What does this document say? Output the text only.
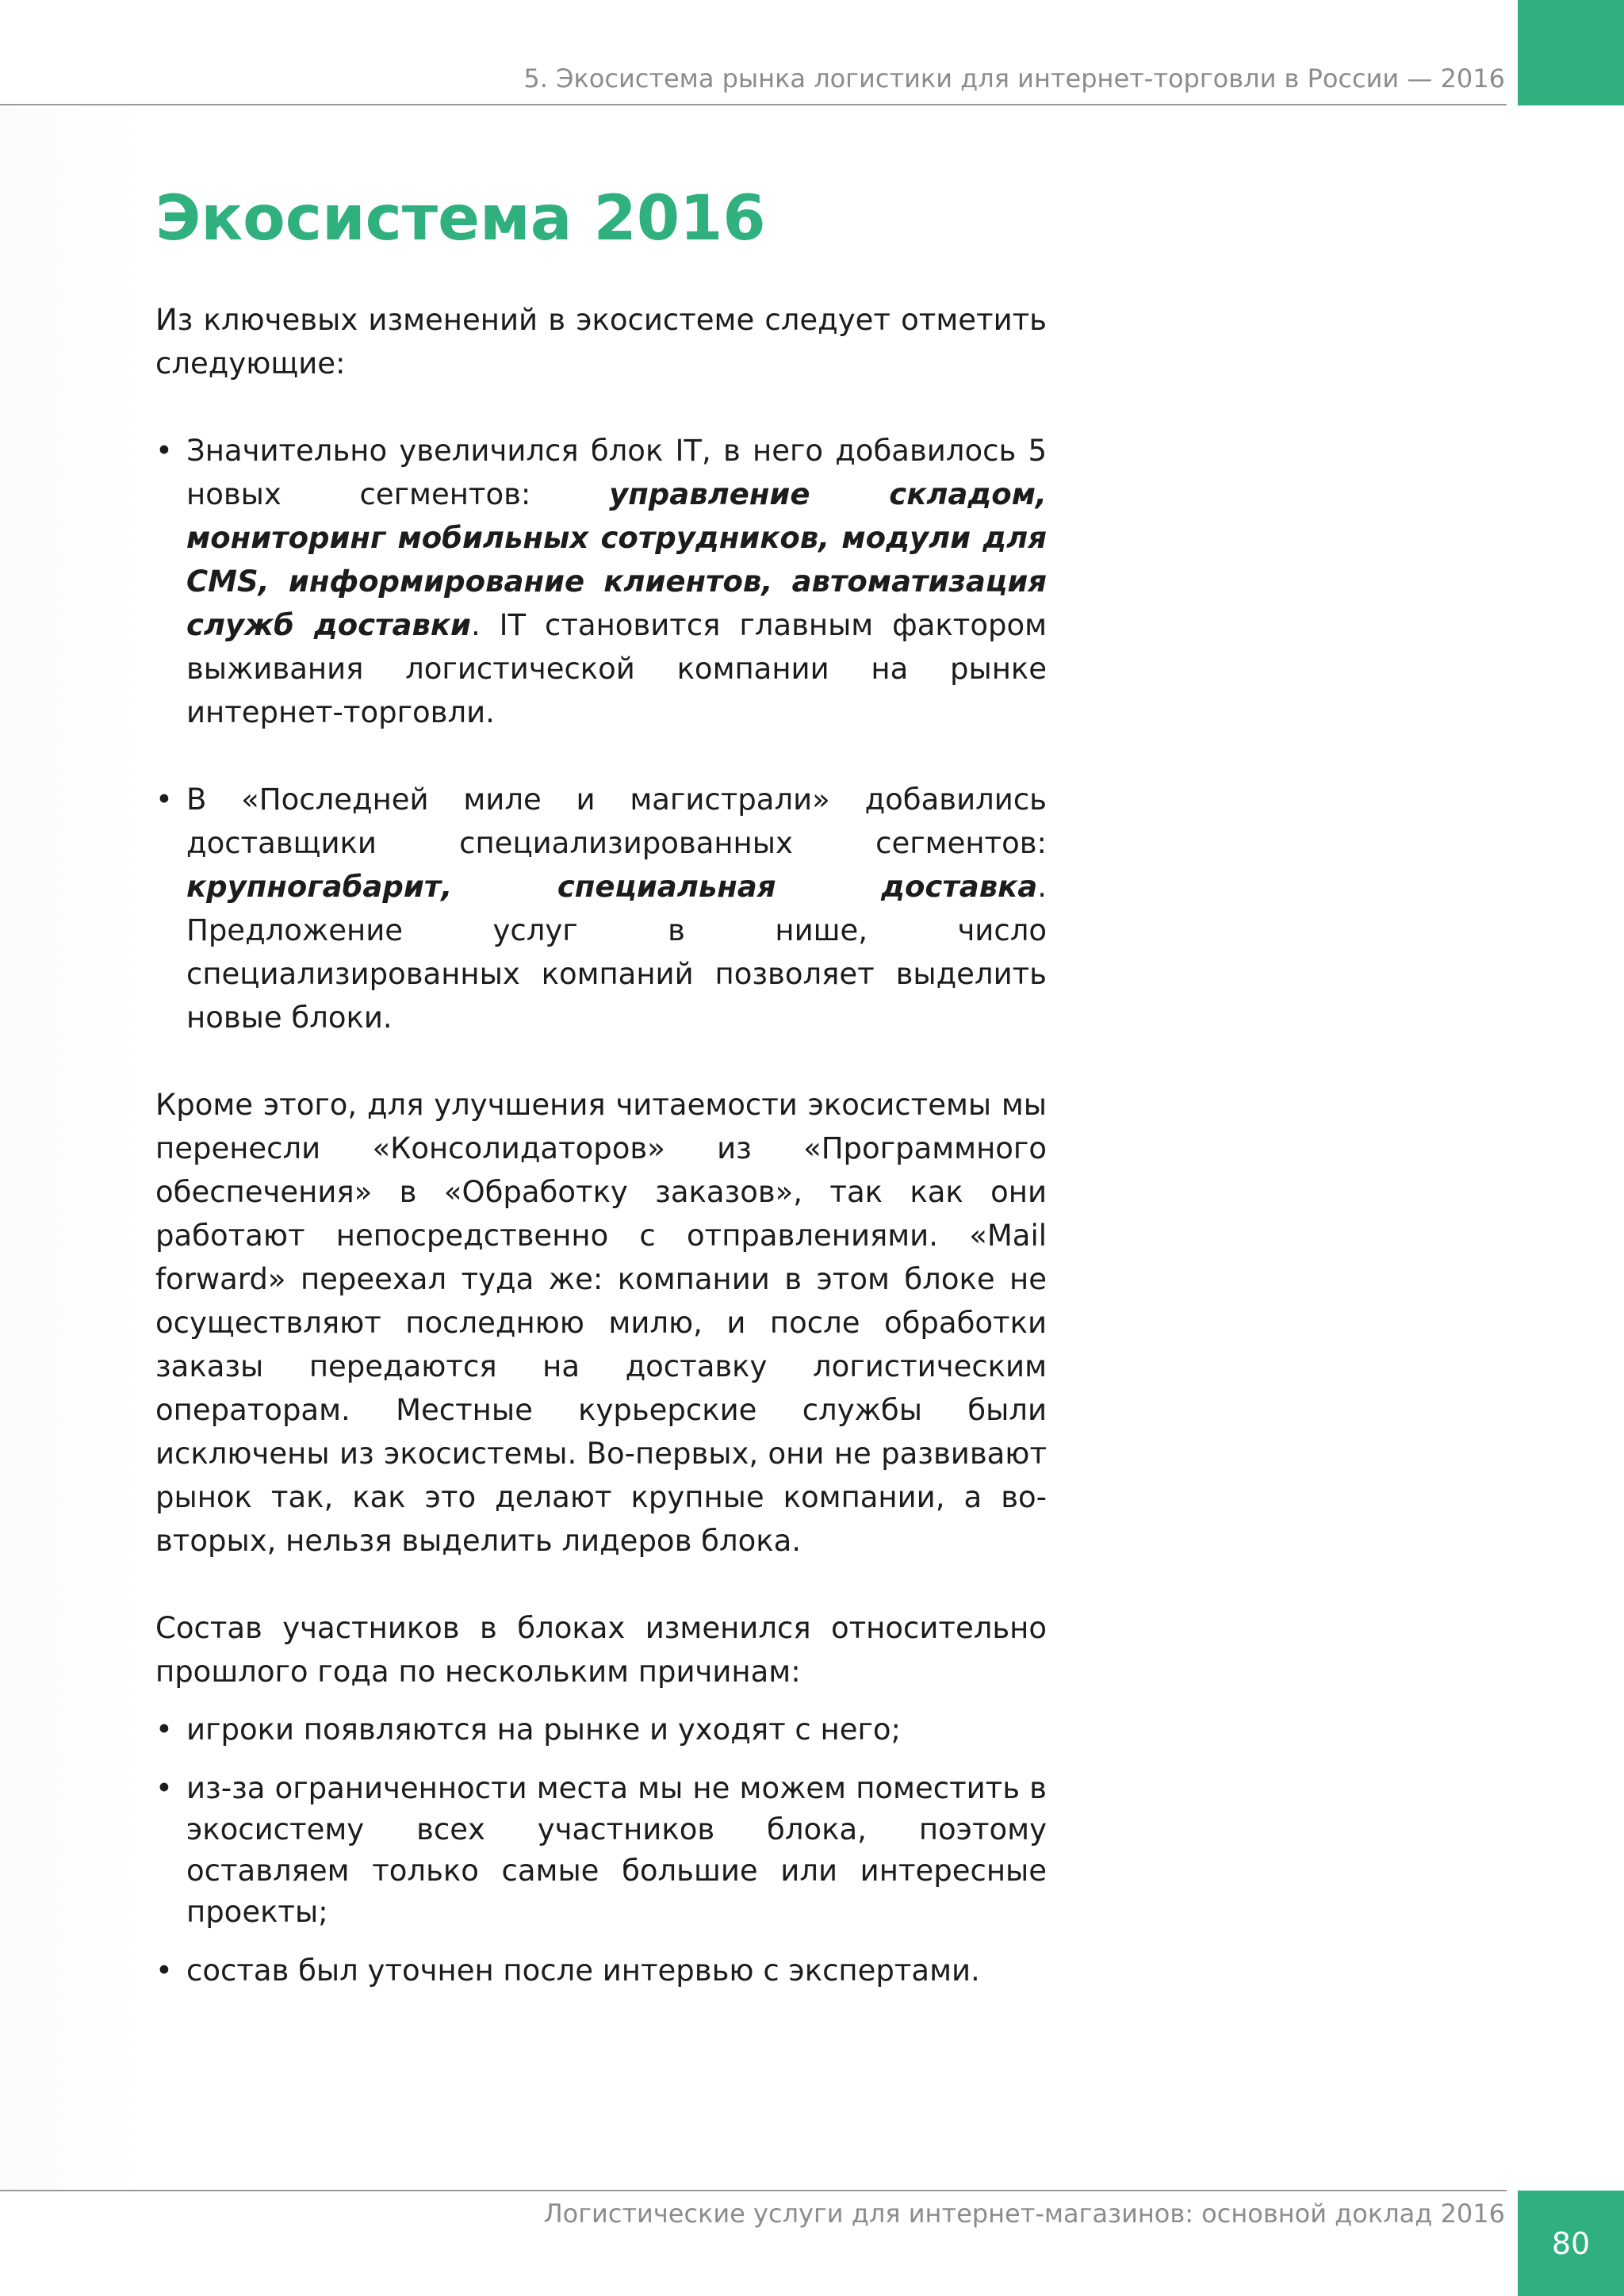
5. Экосистема рынка логистики для интернет-торговли в России — 2016
Экосистема 2016

Из ключевых изменений в экосистеме следует отметить следующие:

• Значительно увеличился блок IT, в него добавилось 5 новых сегментов: управление складом, мониторинг мобильных сотрудников, модули для CMS, информирование клиентов, автоматизация служб доставки. IT становится главным фактором выживания логистической компании на рынке интернет-торговли.
• В «Последней миле и магистрали» добавились доставщики специализированных сегментов: крупногабарит, специальная доставка. Предложение услуг в нише, число специализированных компаний позволяет выделить новые блоки.

Кроме этого, для улучшения читаемости экосистемы мы перенесли «Консолидаторов» из «Программного обеспечения» в «Обработку заказов», так как они работают непосредственно с отправлениями. «Mail forward» переехал туда же: компании в этом блоке не осуществляют последнюю милю, и после обработки заказы передаются на доставку логистическим операторам. Местные курьерские службы были исключены из экосистемы. Во-первых, они не развивают рынок так, как это делают крупные компании, а во-вторых, нельзя выделить лидеров блока.

Состав участников в блоках изменился относительно прошлого года по нескольким причинам:

• игроки появляются на рынке и уходят с него;
• из-за ограниченности места мы не можем поместить в экосистему всех участников блока, поэтому оставляем только самые большие или интересные проекты;
• состав был уточнен после интервью с экспертами.
Логистические услуги для интернет-магазинов: основной доклад 2016
80
